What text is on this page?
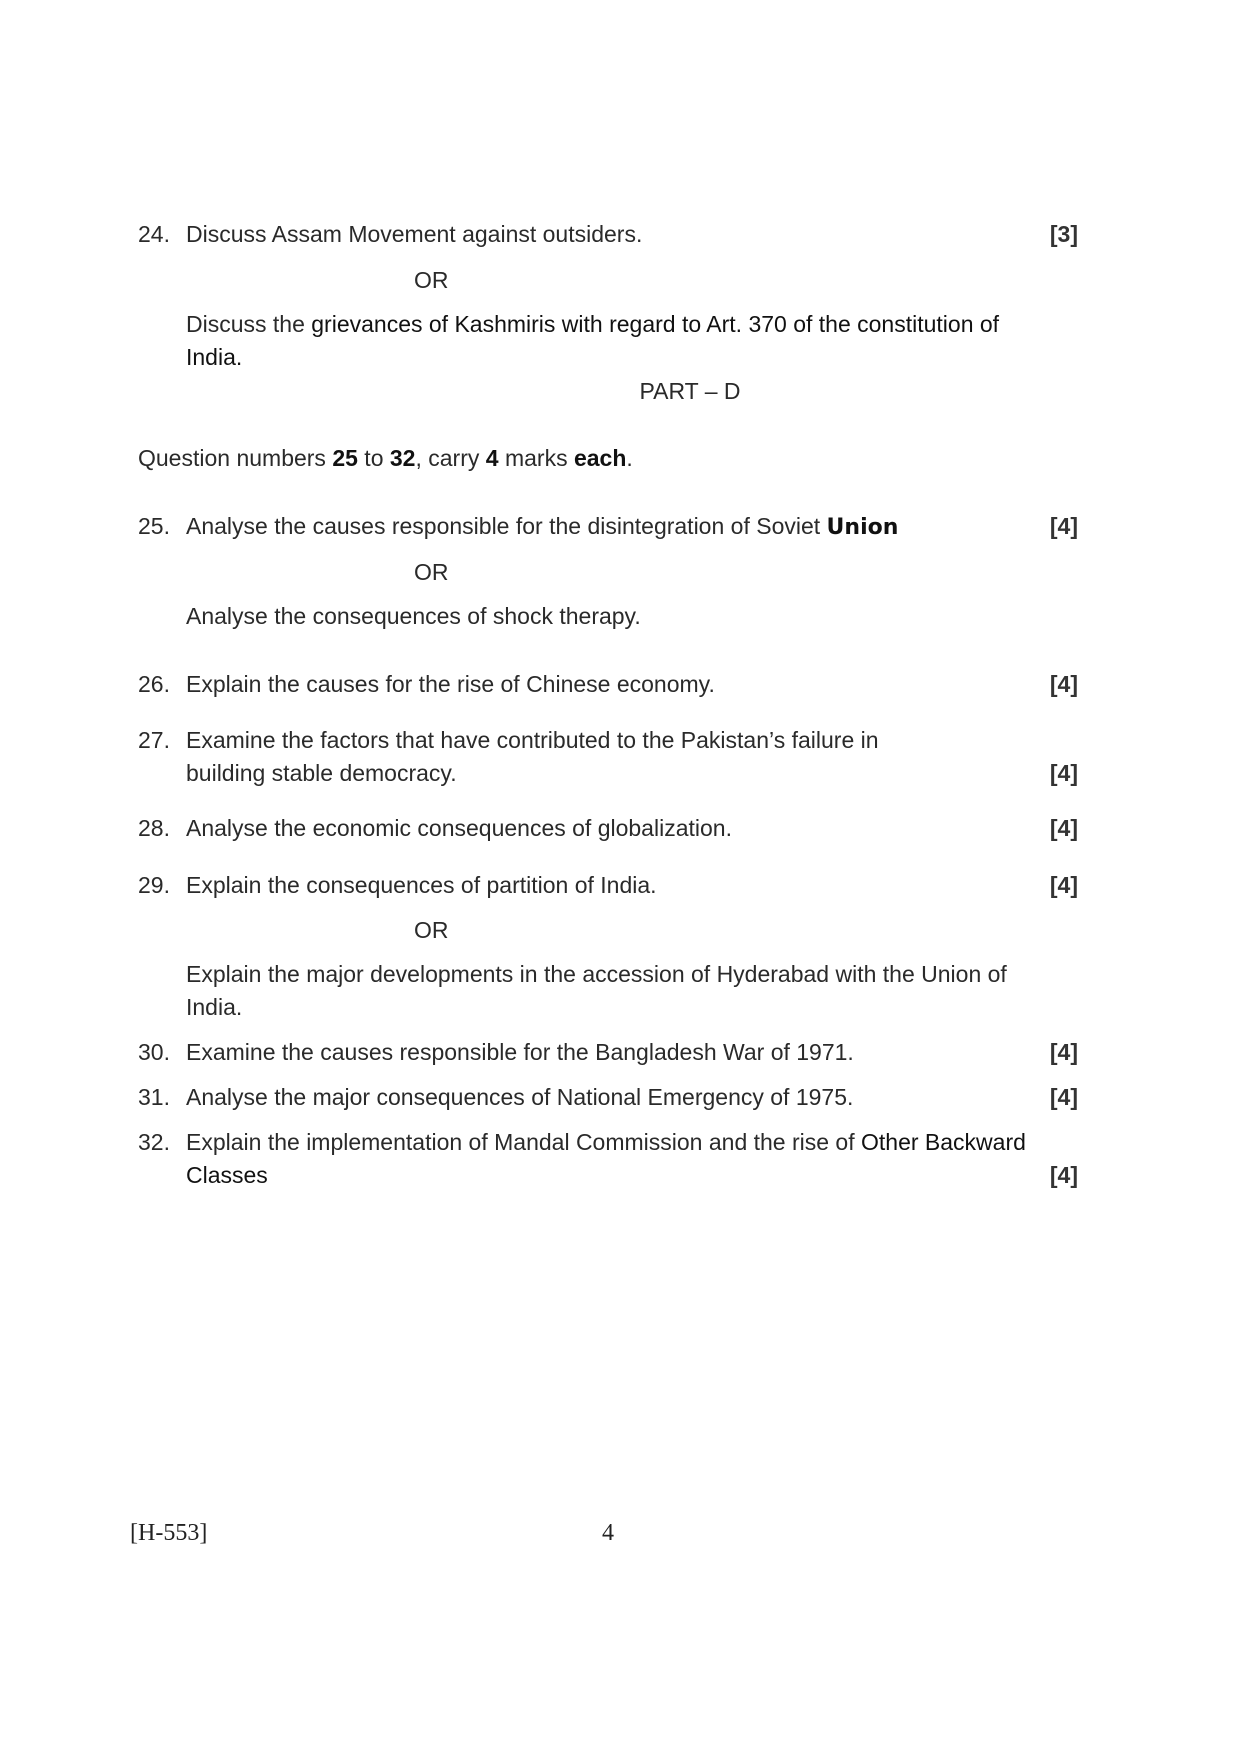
24. Discuss Assam Movement against outsiders.	[3]
OR
Discuss the grievances of Kashmiris with regard to Art. 370 of the constitution of India.
PART – D
Question numbers 25 to 32, carry 4 marks each.
25. Analyse the causes responsible for the disintegration of Soviet Union	[4]
OR
Analyse the consequences of shock therapy.
26. Explain the causes for the rise of Chinese economy.	[4]
27. Examine the factors that have contributed to the Pakistan’s failure in building stable democracy.	[4]
28. Analyse the economic consequences of globalization.	[4]
29. Explain the consequences of partition of India.	[4]
OR
Explain the major developments in the accession of Hyderabad with the Union of India.
30. Examine the causes responsible for the Bangladesh War of 1971.	[4]
31. Analyse the major consequences of National Emergency of 1975.	[4]
32. Explain the implementation of Mandal Commission and the rise of Other Backward Classes	[4]
[H-553]	4
